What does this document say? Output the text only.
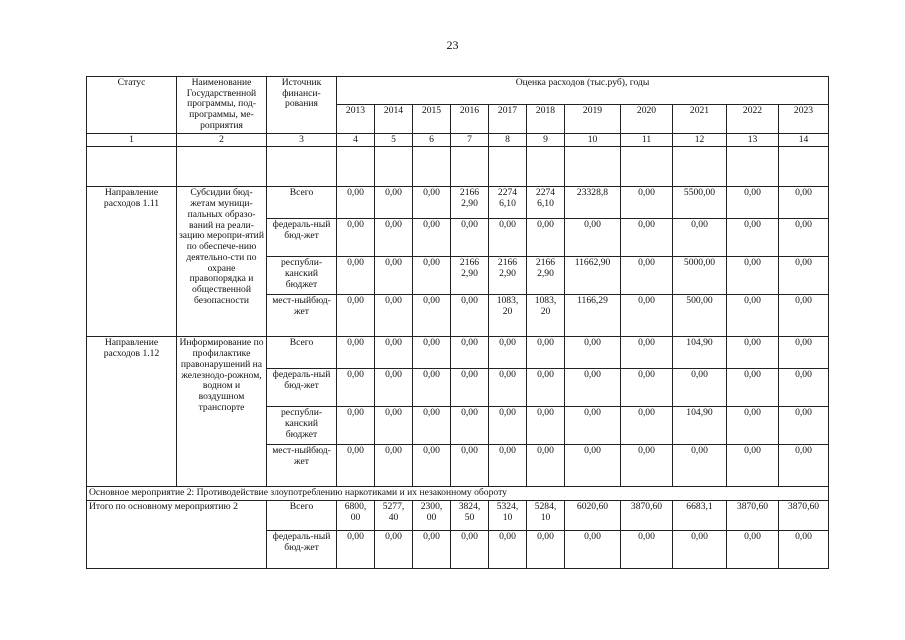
23
Статус	Наименование Государственной программы, под-программы, ме-роприятия	Источник финанси-рования	Оценка расходов (тыс.руб), годы										
			2013	2014	2015	2016	2017	2018	2019	2020	2021	2022	2023
1	2	3	4	5	6	7	8	9	10	11	12	13	14

Направление расходов 1.11	Субсидии бюд-жетам муници-пальных образо-ваний на реали-зацию меропри-ятий по обеспече-нию деятельно-сти по охране правопорядка и общественной безопасности	Всего	0,00	0,00	0,00	2166 2,90	2274 6,10	2274 6,10	23328,8	0,00	5500,00	0,00	0,00
		федераль-ный бюд-жет	0,00	0,00	0,00	0,00	0,00	0,00	0,00	0,00	0,00	0,00	0,00
		республи-канский бюджет	0,00	0,00	0,00	2166 2,90	2166 2,90	2166 2,90	11662,90	0,00	5000,00	0,00	0,00
		мест-ныйбюд-жет	0,00	0,00	0,00	0,00	1083, 20	1083, 20	1166,29	0,00	500,00	0,00	0,00
Направление расходов 1.12	Информирование по профилактике правонарушений на железнодо-рожном, водном и воздушном транспорте	Всего	0,00	0,00	0,00	0,00	0,00	0,00	0,00	0,00	104,90	0,00	0,00
		федераль-ный бюд-жет	0,00	0,00	0,00	0,00	0,00	0,00	0,00	0,00	0,00	0,00	0,00
		республи-канский бюджет	0,00	0,00	0,00	0,00	0,00	0,00	0,00	0,00	104,90	0,00	0,00
		мест-ныйбюд-жет	0,00	0,00	0,00	0,00	0,00	0,00	0,00	0,00	0,00	0,00	0,00
Основное мероприятие 2: Противодействие злоупотреблению наркотиками и их незаконному обороту													
Итого по основному мероприятию 2		Всего	6800, 00	5277, 40	2300, 00	3824, 50	5324, 10	5284, 10	6020,60	3870,60	6683,1	3870,60	3870,60
		федераль-ный бюд-жет	0,00	0,00	0,00	0,00	0,00	0,00	0,00	0,00	0,00	0,00	0,00
